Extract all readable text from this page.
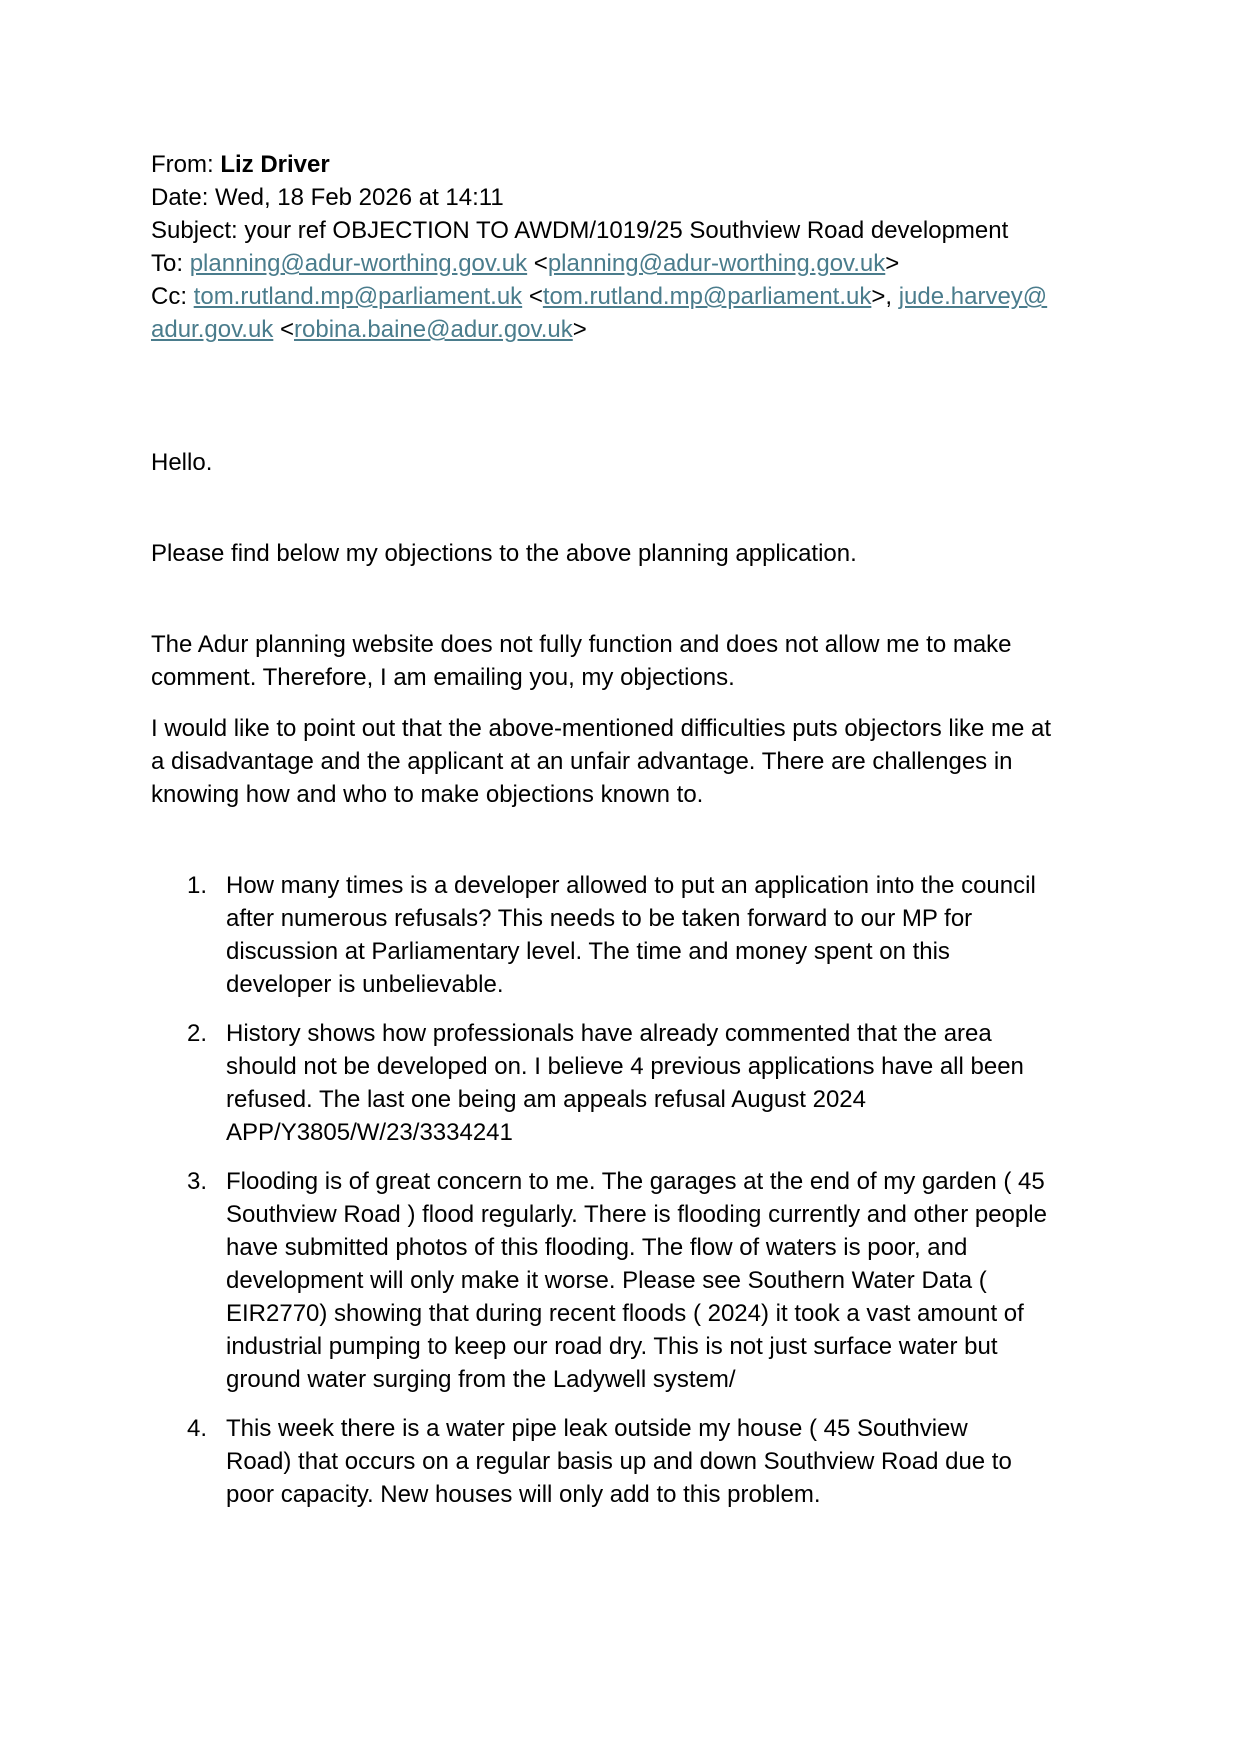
From: Liz Driver
Date: Wed, 18 Feb 2026 at 14:11
Subject: your ref OBJECTION TO AWDM/1019/25 Southview Road development
To: planning@adur-worthing.gov.uk <planning@adur-worthing.gov.uk>
Cc: tom.rutland.mp@parliament.uk <tom.rutland.mp@parliament.uk>, jude.harvey@
adur.gov.uk <robina.baine@adur.gov.uk>

Hello.

Please find below my objections to the above planning application.

The Adur planning website does not fully function and does not allow me to make
comment. Therefore, I am emailing you, my objections.

I would like to point out that the above-mentioned difficulties puts objectors like me at
a disadvantage and the applicant at an unfair advantage. There are challenges in
knowing how and who to make objections known to.

1. How many times is a developer allowed to put an application into the council
after numerous refusals? This needs to be taken forward to our MP for
discussion at Parliamentary level. The time and money spent on this
developer is unbelievable.
2. History shows how professionals have already commented that the area
should not be developed on. I believe 4 previous applications have all been
refused. The last one being am appeals refusal August 2024
APP/Y3805/W/23/3334241
3. Flooding is of great concern to me. The garages at the end of my garden ( 45
Southview Road ) flood regularly. There is flooding currently and other people
have submitted photos of this flooding. The flow of waters is poor, and
development will only make it worse. Please see Southern Water Data (
EIR2770) showing that during recent floods ( 2024) it took a vast amount of
industrial pumping to keep our road dry. This is not just surface water but
ground water surging from the Ladywell system/
4. This week there is a water pipe leak outside my house ( 45 Southview
Road) that occurs on a regular basis up and down Southview Road due to
poor capacity. New houses will only add to this problem.
